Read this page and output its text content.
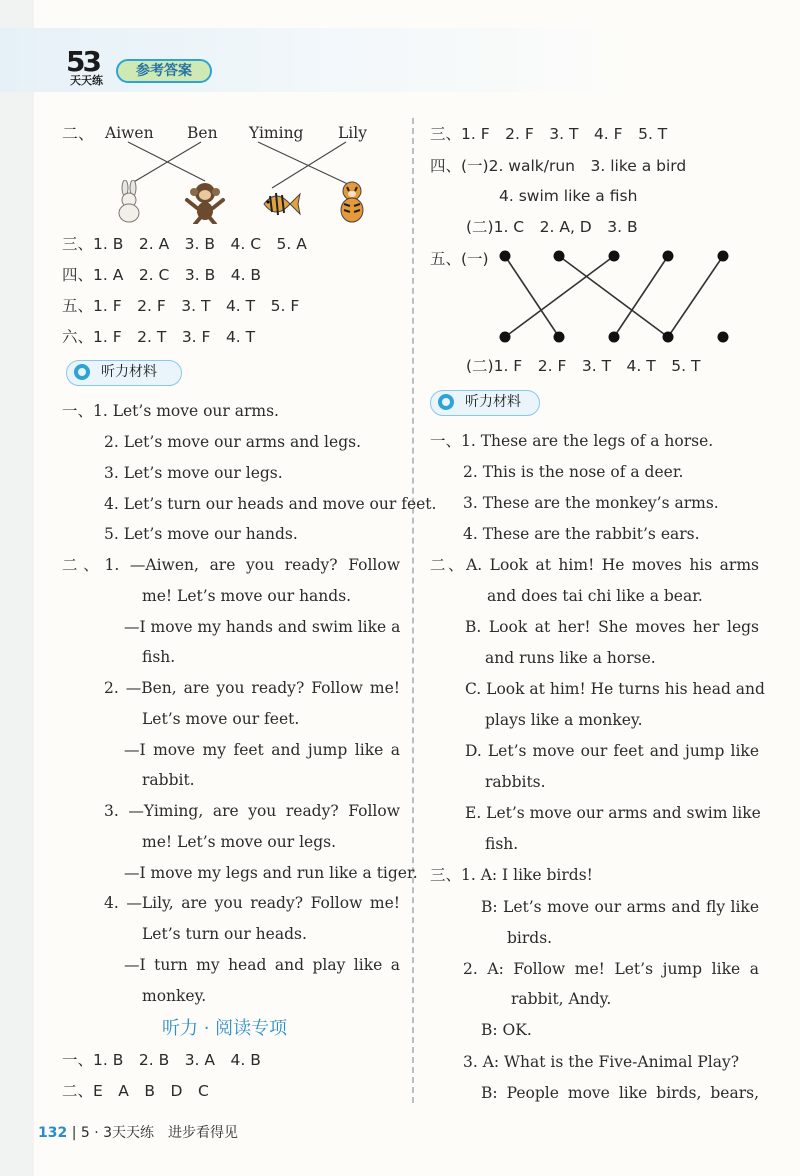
53
天天练
参考答案
二、 Aiwen Ben Yiming Lily
三、1. B　2. A　3. B　4. C　5. A
四、1. A　2. C　3. B　4. B
五、1. F　2. F　3. T　4. T　5. F
六、1. F　2. T　3. F　4. T
听力材料
一、1. Let’s move our arms.
2. Let’s move our arms and legs.
3. Let’s move our legs.
4. Let’s turn our heads and move our feet.
5. Let’s move our hands.
二、1. —Aiwen, are you ready? Follow
me! Let’s move our hands.
—I move my hands and swim like a
fish.
2. —Ben, are you ready? Follow me!
Let’s move our feet.
—I move my feet and jump like a
rabbit.
3. —Yiming, are you ready? Follow
me! Let’s move our legs.
—I move my legs and run like a tiger.
4. —Lily, are you ready? Follow me!
Let’s turn our heads.
—I turn my head and play like a
monkey.
听力 · 阅读专项
一、1. B　2. B　3. A　4. B
二、E　A　B　D　C
三、1. F　2. F　3. T　4. F　5. T
四、(一)2. walk/run　3. like a bird
4. swim like a fish
(二)1. C　2. A, D　3. B
五、(一)
(二)1. F　2. F　3. T　4. T　5. T
听力材料
一、1. These are the legs of a horse.
2. This is the nose of a deer.
3. These are the monkey’s arms.
4. These are the rabbit’s ears.
二、A. Look at him! He moves his arms
and does tai chi like a bear.
B. Look at her! She moves her legs
and runs like a horse.
C. Look at him! He turns his head and
plays like a monkey.
D. Let’s move our feet and jump like
rabbits.
E. Let’s move our arms and swim like
fish.
三、1. A: I like birds!
B: Let’s move our arms and fly like
birds.
2. A: Follow me! Let’s jump like a
rabbit, Andy.
B: OK.
3. A: What is the Five-Animal Play?
B: People move like birds, bears,
132 | 5 · 3天天练　进步看得见
